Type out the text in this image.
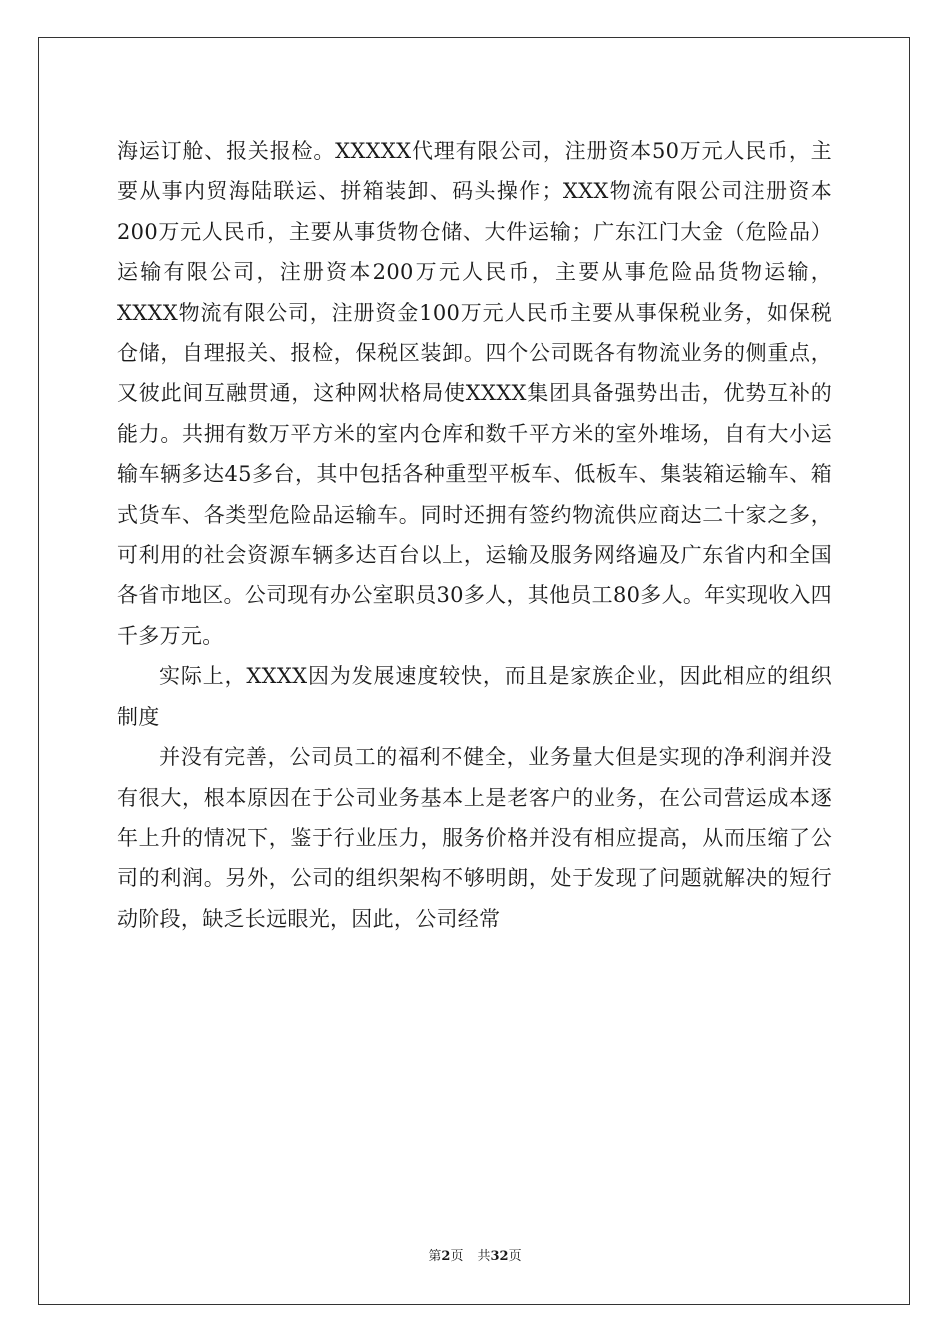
海运订舱、报关报检。XXXXX代理有限公司，注册资本50万元人民币，主要从事内贸海陆联运、拼箱装卸、码头操作；XXX物流有限公司注册资本200万元人民币，主要从事货物仓储、大件运输；广东江门大金（危险品）运输有限公司，注册资本200万元人民币，主要从事危险品货物运输，XXXX物流有限公司，注册资金100万元人民币主要从事保税业务，如保税仓储，自理报关、报检，保税区装卸。四个公司既各有物流业务的侧重点，又彼此间互融贯通，这种网状格局使XXXX集团具备强势出击，优势互补的能力。共拥有数万平方米的室内仓库和数千平方米的室外堆场，自有大小运输车辆多达45多台，其中包括各种重型平板车、低板车、集装箱运输车、箱式货车、各类型危险品运输车。同时还拥有签约物流供应商达二十家之多，可利用的社会资源车辆多达百台以上，运输及服务网络遍及广东省内和全国各省市地区。公司现有办公室职员30多人，其他员工80多人。年实现收入四千多万元。

实际上，XXXX因为发展速度较快，而且是家族企业，因此相应的组织制度

并没有完善，公司员工的福利不健全，业务量大但是实现的净利润并没有很大，根本原因在于公司业务基本上是老客户的业务，在公司营运成本逐年上升的情况下，鉴于行业压力，服务价格并没有相应提高，从而压缩了公司的利润。另外，公司的组织架构不够明朗，处于发现了问题就解决的短行动阶段，缺乏长远眼光，因此，公司经常

第2页 共32页
